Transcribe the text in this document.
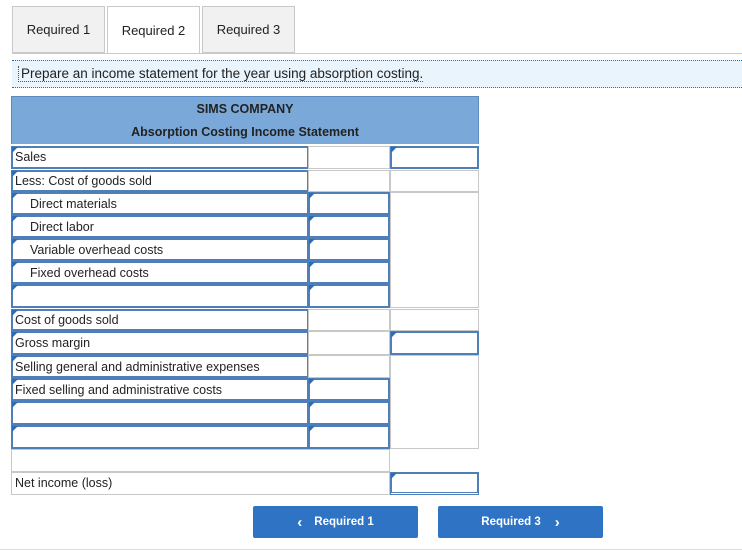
Required 1	Required 2	Required 3
Prepare an income statement for the year using absorption costing.
SIMS COMPANY
Absorption Costing Income Statement
Sales
Less: Cost of goods sold
Direct materials
Direct labor
Variable overhead costs
Fixed overhead costs
Cost of goods sold
Gross margin
Selling general and administrative expenses
Fixed selling and administrative costs
Net income (loss)
‹ Required 1	Required 3 ›
